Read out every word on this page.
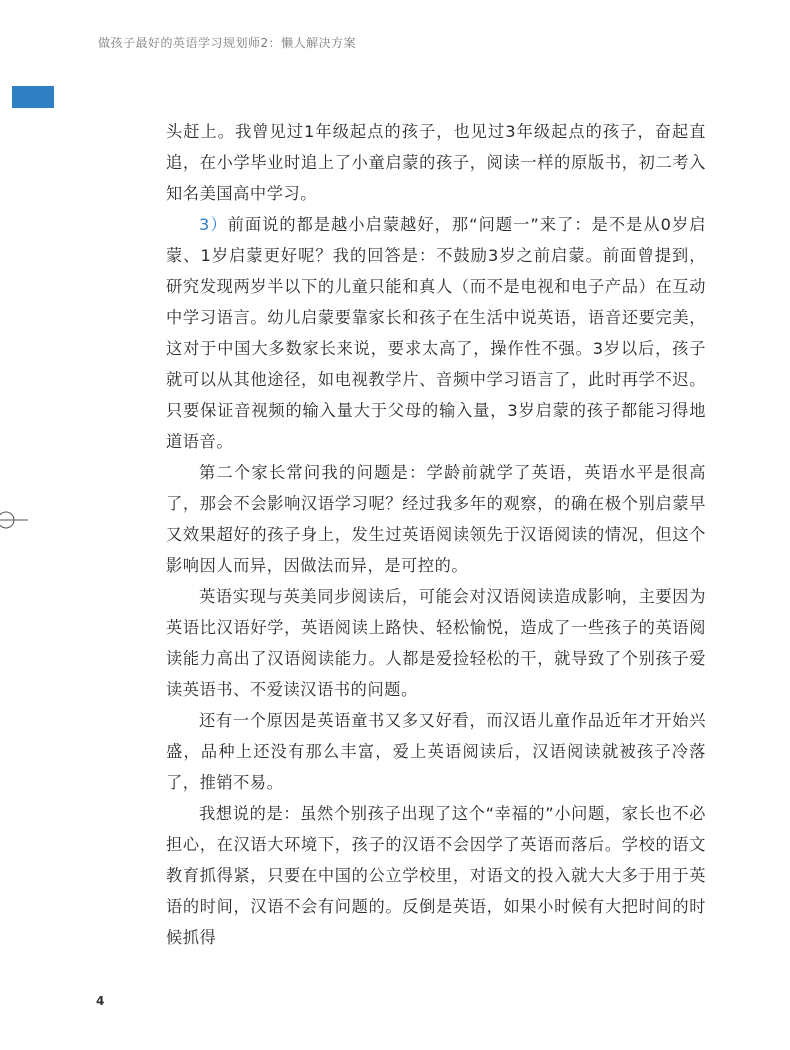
做孩子最好的英语学习规划师2：懒人解决方案

头赶上。我曾见过1年级起点的孩子，也见过3年级起点的孩子，奋起直追，在小学毕业时追上了小童启蒙的孩子，阅读一样的原版书，初二考入知名美国高中学习。

3）前面说的都是越小启蒙越好，那“问题一”来了：是不是从0岁启蒙、1岁启蒙更好呢？我的回答是：不鼓励3岁之前启蒙。前面曾提到，研究发现两岁半以下的儿童只能和真人（而不是电视和电子产品）在互动中学习语言。幼儿启蒙要靠家长和孩子在生活中说英语，语音还要完美，这对于中国大多数家长来说，要求太高了，操作性不强。3岁以后，孩子就可以从其他途径，如电视教学片、音频中学习语言了，此时再学不迟。只要保证音视频的输入量大于父母的输入量，3岁启蒙的孩子都能习得地道语音。

第二个家长常问我的问题是：学龄前就学了英语，英语水平是很高了，那会不会影响汉语学习呢？经过我多年的观察，的确在极个别启蒙早又效果超好的孩子身上，发生过英语阅读领先于汉语阅读的情况，但这个影响因人而异，因做法而异，是可控的。

英语实现与英美同步阅读后，可能会对汉语阅读造成影响，主要因为英语比汉语好学，英语阅读上路快、轻松愉悦，造成了一些孩子的英语阅读能力高出了汉语阅读能力。人都是爱捡轻松的干，就导致了个别孩子爱读英语书、不爱读汉语书的问题。

还有一个原因是英语童书又多又好看，而汉语儿童作品近年才开始兴盛，品种上还没有那么丰富，爱上英语阅读后，汉语阅读就被孩子冷落了，推销不易。

我想说的是：虽然个别孩子出现了这个“幸福的”小问题，家长也不必担心，在汉语大环境下，孩子的汉语不会因学了英语而落后。学校的语文教育抓得紧，只要在中国的公立学校里，对语文的投入就大大多于用于英语的时间，汉语不会有问题的。反倒是英语，如果小时候有大把时间的时候抓得

4
